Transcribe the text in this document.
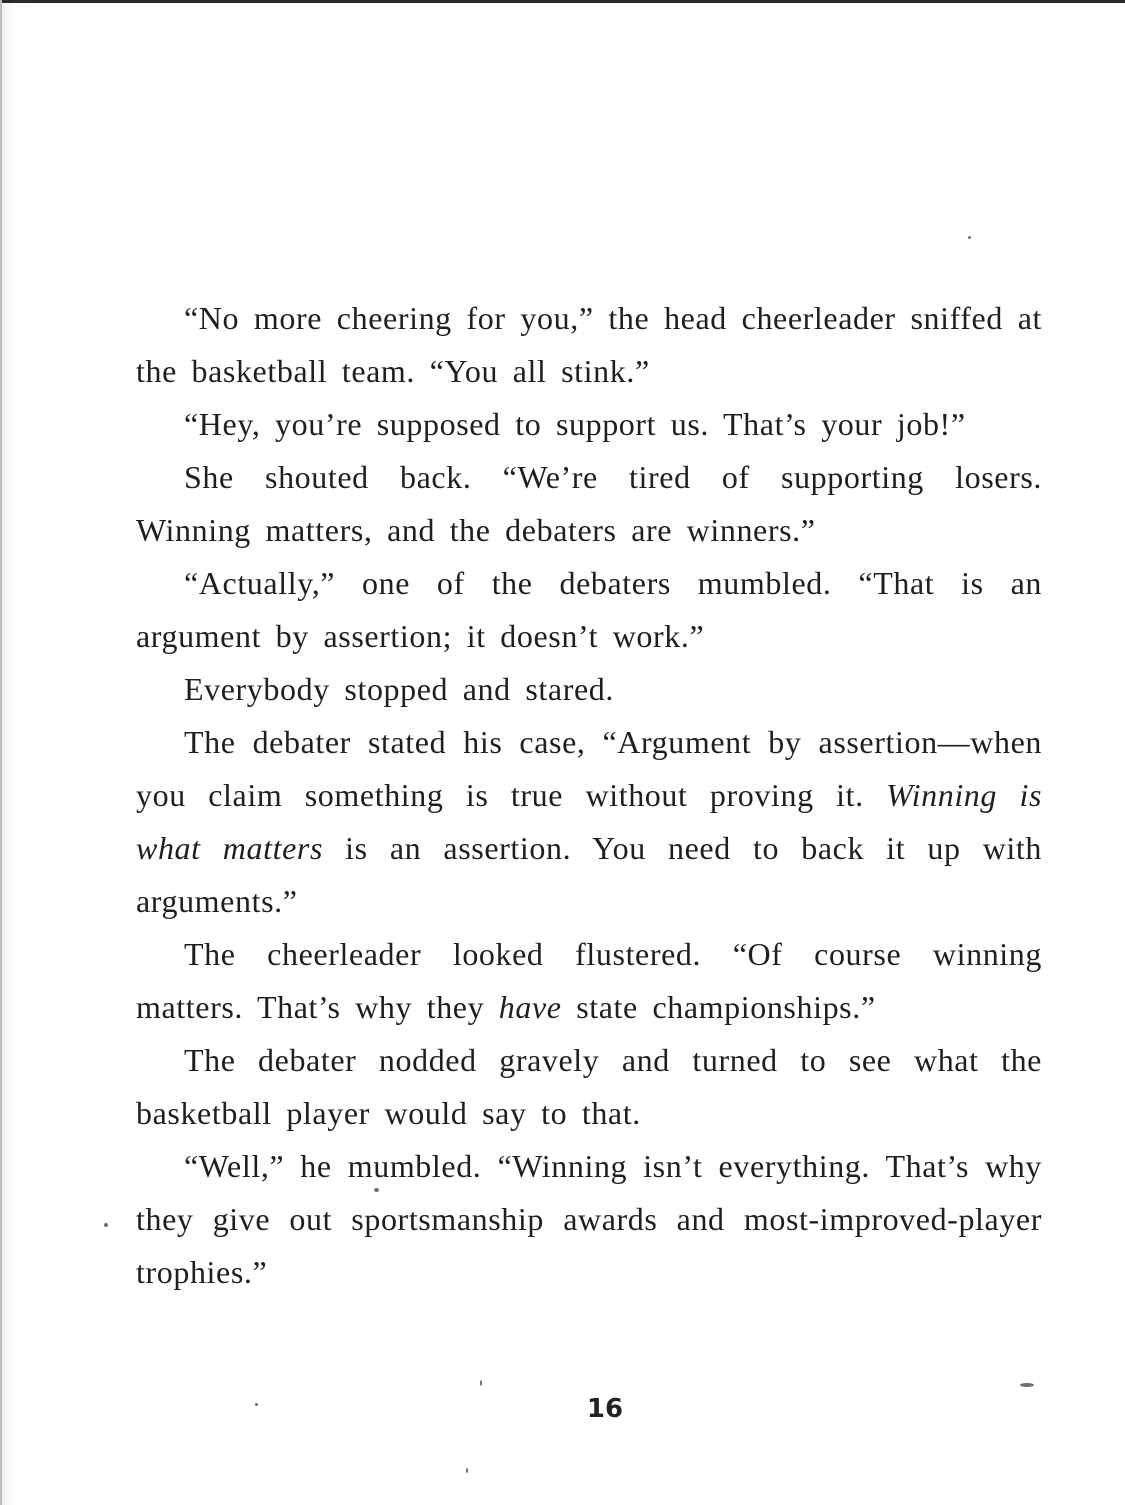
“No more cheering for you,” the head cheerleader sniffed at the basketball team. “You all stink.”

“Hey, you’re supposed to support us. That’s your job!”

She shouted back. “We’re tired of supporting losers. Winning matters, and the debaters are winners.”

“Actually,” one of the debaters mumbled. “That is an argument by assertion; it doesn’t work.”

Everybody stopped and stared.

The debater stated his case, “Argument by assertion—when you claim something is true without proving it. Winning is what matters is an assertion. You need to back it up with arguments.”

The cheerleader looked flustered. “Of course winning matters. That’s why they have state championships.”

The debater nodded gravely and turned to see what the basketball player would say to that.

“Well,” he mumbled. “Winning isn’t everything. That’s why they give out sportsmanship awards and most-improved-player trophies.”

16
